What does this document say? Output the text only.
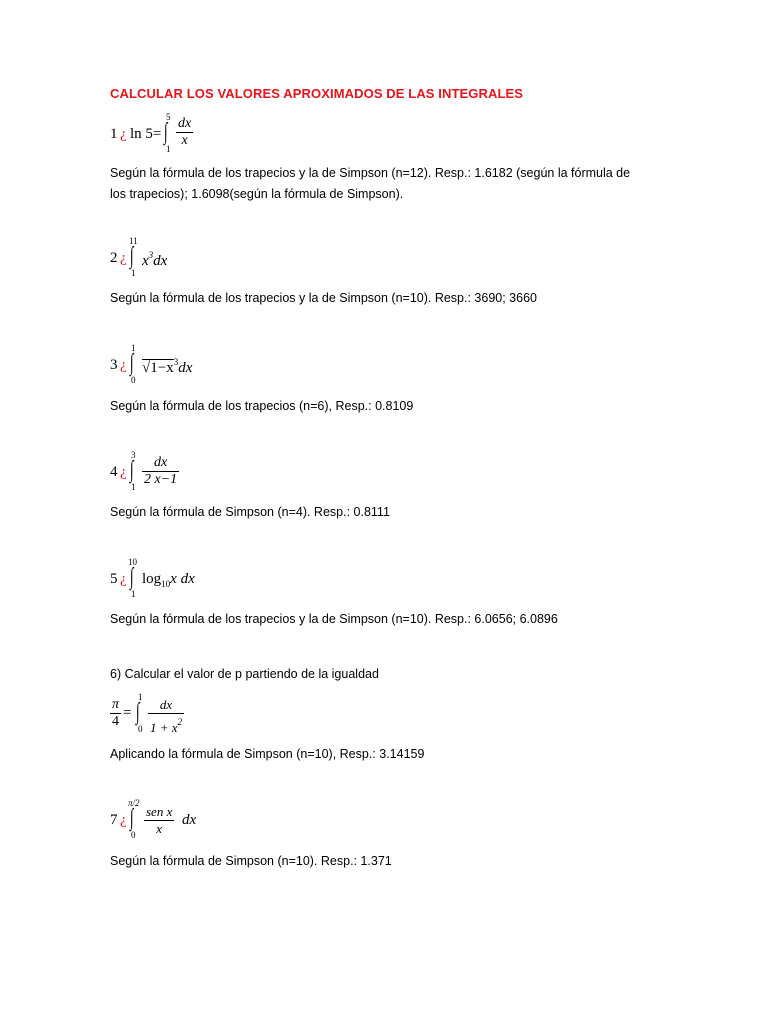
CALCULAR LOS VALORES APROXIMADOS DE LAS INTEGRALES
1 ¿ ln 5=
5
∫
$1 \frac{dx}{x}$
Según la fórmula de los trapecios y la de Simpson (n=12). Resp.: 1.6182 (según la fórmula de
los trapecios); 1.6098(según la fórmula de Simpson).
2 ¿
11
∫
1
$x^3dx$
Según la fórmula de los trapecios y la de Simpson (n=10). Resp.: 3690; 3660
3 ¿
1
∫
0
$√1-x^3dx$
Según la fórmula de los trapecios (n=6), Resp.: 0.8109
4 ¿
3
∫
$1 \frac{dx}{2 x-1}$
Según la fórmula de Simpson (n=4). Resp.: 0.8111
5 ¿
10
∫
1
$\log_{10}x$ dx
Según la fórmula de los trapecios y la de Simpson (n=10). Resp.: 6.0656; 6.0896
6) Calcular el valor de p partiendo de la igualdad
$\frac{\pi}{4}$ =
1
∫
$0 \frac{dx}{1 + x^2}$
Aplicando la fórmula de Simpson (n=10), Resp.: 3.14159
7 ¿
π/2
∫
0
sen x
x
dx
Según la fórmula de Simpson (n=10). Resp.: 1.371
